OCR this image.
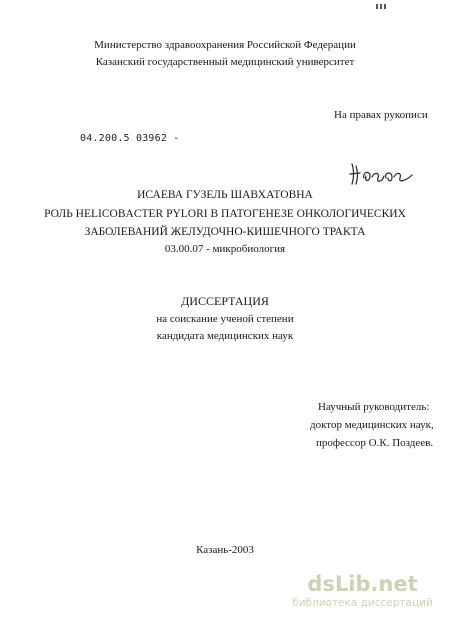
Министерство здравоохранения Российской Федерации
Казанский государственный медицинский университет
На правах рукописи
04.200.5 03962 -
ИСАЕВА ГУЗЕЛЬ ШАВХАТОВНА
РОЛЬ HELICOBACTER PYLORI В ПАТОГЕНЕЗЕ ОНКОЛОГИЧЕСКИХ
ЗАБОЛЕВАНИЙ ЖЕЛУДОЧНО-КИШЕЧНОГО ТРАКТА
03.00.07 - микробиология
ДИССЕРТАЦИЯ
на соискание ученой степени
кандидата медицинских наук
Научный руководитель:
доктор медицинских наук,
профессор О.К. Поздеев.
Казань-2003
dsLib.net
библиотека диссертаций
